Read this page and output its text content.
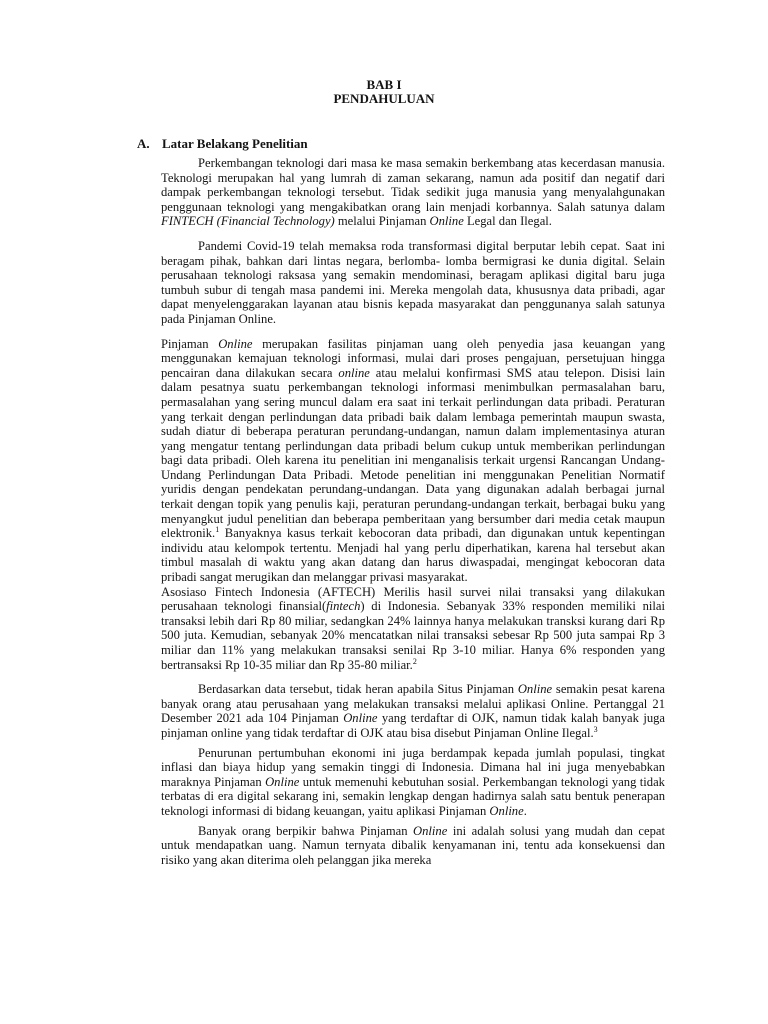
BAB I
PENDAHULUAN
A. Latar Belakang Penelitian

Perkembangan teknologi dari masa ke masa semakin berkembang atas kecerdasan manusia. Teknologi merupakan hal yang lumrah di zaman sekarang, namun ada positif dan negatif dari dampak perkembangan teknologi tersebut. Tidak sedikit juga manusia yang menyalahgunakan penggunaan teknologi yang mengakibatkan orang lain menjadi korbannya. Salah satunya dalam FINTECH (Financial Technology) melalui Pinjaman Online Legal dan Ilegal.

Pandemi Covid-19 telah memaksa roda transformasi digital berputar lebih cepat. Saat ini beragam pihak, bahkan dari lintas negara, berlomba- lomba bermigrasi ke dunia digital. Selain perusahaan teknologi raksasa yang semakin mendominasi, beragam aplikasi digital baru juga tumbuh subur di tengah masa pandemi ini. Mereka mengolah data, khususnya data pribadi, agar dapat menyelenggarakan layanan atau bisnis kepada masyarakat dan penggunanya salah satunya pada Pinjaman Online.

Pinjaman Online merupakan fasilitas pinjaman uang oleh penyedia jasa keuangan yang menggunakan kemajuan teknologi informasi, mulai dari proses pengajuan, persetujuan hingga pencairan dana dilakukan secara online atau melalui konfirmasi SMS atau telepon. Disisi lain dalam pesatnya suatu perkembangan teknologi informasi menimbulkan permasalahan baru, permasalahan yang sering muncul dalam era saat ini terkait perlindungan data pribadi. Peraturan yang terkait dengan perlindungan data pribadi baik dalam lembaga pemerintah maupun swasta, sudah diatur di beberapa peraturan perundang-undangan, namun dalam implementasinya aturan yang mengatur tentang perlindungan data pribadi belum cukup untuk memberikan perlindungan bagi data pribadi. Oleh karena itu penelitian ini menganalisis terkait urgensi Rancangan Undang- Undang Perlindungan Data Pribadi. Metode penelitian ini menggunakan Penelitian Normatif yuridis dengan pendekatan perundang-undangan. Data yang digunakan adalah berbagai jurnal terkait dengan topik yang penulis kaji, peraturan perundang-undangan terkait, berbagai buku yang menyangkut judul penelitian dan beberapa pemberitaan yang bersumber dari media cetak maupun elektronik.$^1$ Banyaknya kasus terkait kebocoran data pribadi, dan digunakan untuk kepentingan individu atau kelompok tertentu. Menjadi hal yang perlu diperhatikan, karena hal tersebut akan timbul masalah di waktu yang akan datang dan harus diwaspadai, mengingat kebocoran data pribadi sangat merugikan dan melanggar privasi masyarakat.

Asosiaso Fintech Indonesia (AFTECH) Merilis hasil survei nilai transaksi yang dilakukan perusahaan teknologi finansial(fintech) di Indonesia. Sebanyak 33% responden memiliki nilai transaksi lebih dari Rp 80 miliar, sedangkan 24% lainnya hanya melakukan transksi kurang dari Rp 500 juta. Kemudian, sebanyak 20% mencatatkan nilai transaksi sebesar Rp 500 juta sampai Rp 3 miliar dan 11% yang melakukan transaksi senilai Rp 3-10 miliar. Hanya 6% responden yang bertransaksi Rp 10-35 miliar dan Rp 35-80 miliar.$^2$

Berdasarkan data tersebut, tidak heran apabila Situs Pinjaman Online semakin pesat karena banyak orang atau perusahaan yang melakukan transaksi melalui aplikasi Online. Pertanggal 21 Desember 2021 ada 104 Pinjaman Online yang terdaftar di OJK, namun tidak kalah banyak juga pinjaman online yang tidak terdaftar di OJK atau bisa disebut Pinjaman Online Ilegal.$^3$

Penurunan pertumbuhan ekonomi ini juga berdampak kepada jumlah populasi, tingkat inflasi dan biaya hidup yang semakin tinggi di Indonesia. Dimana hal ini juga menyebabkan maraknya Pinjaman Online untuk memenuhi kebutuhan sosial. Perkembangan teknologi yang tidak terbatas di era digital sekarang ini, semakin lengkap dengan hadirnya salah satu bentuk penerapan teknologi informasi di bidang keuangan, yaitu aplikasi Pinjaman Online.

Banyak orang berpikir bahwa Pinjaman Online ini adalah solusi yang mudah dan cepat untuk mendapatkan uang. Namun ternyata dibalik kenyamanan ini, tentu ada konsekuensi dan risiko yang akan diterima oleh pelanggan jika mereka
